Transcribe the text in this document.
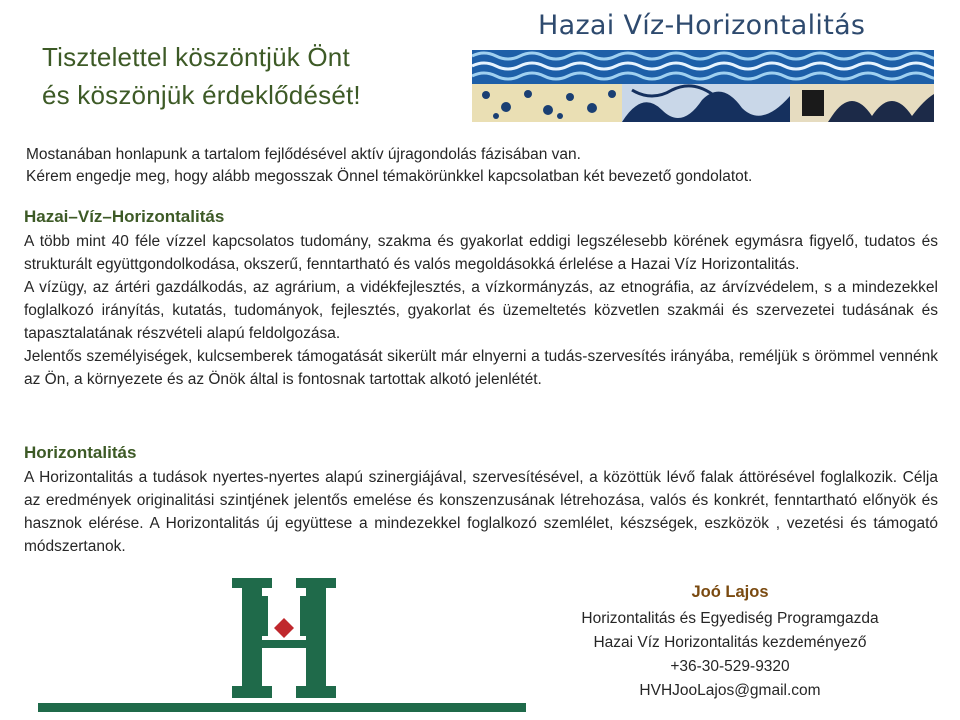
Tisztelettel köszöntjük Önt
és köszönjük érdeklődését!
Hazai Víz-Horizontalitás
Mostanában honlapunk a tartalom fejlődésével aktív újragondolás fázisában van.
Kérem engedje meg, hogy alább megosszak Önnel témakörünkkel kapcsolatban két bevezető gondolatot.
Hazai–Víz–Horizontalitás

A több mint 40 féle vízzel kapcsolatos tudomány, szakma és gyakorlat eddigi legszélesebb körének egymásra figyelő, tudatos és strukturált együttgondolkodása, okszerű, fenntartható és valós megoldásokká érlelése a Hazai Víz Horizontalitás.

A vízügy, az ártéri gazdálkodás, az agrárium, a vidékfejlesztés, a vízkormányzás, az etnográfia, az árvízvédelem, s a mindezekkel foglalkozó irányítás, kutatás, tudományok, fejlesztés, gyakorlat és üzemeltetés közvetlen szakmái és szervezetei tudásának és tapasztalatának részvételi alapú feldolgozása.

Jelentős személyiségek, kulcsemberek támogatását sikerült már elnyerni a tudás-szervesítés irányába, reméljük s örömmel vennénk az Ön, a környezete és az Önök által is fontosnak tartottak alkotó jelenlétét.

Horizontalitás

A Horizontalitás a tudások nyertes-nyertes alapú szinergiájával, szervesítésével, a közöttük lévő falak áttörésével foglalkozik. Célja az eredmények originalitási szintjének jelentős emelése és konszenzusának létrehozása, valós és konkrét, fenntartható előnyök és hasznok elérése. A Horizontalitás új együttese a mindezekkel foglalkozó szemlélet, készségek, eszközök , vezetési és támogató módszertanok.

Joó Lajos
Horizontalitás és Egyediség Programgazda
Hazai Víz Horizontalitás kezdeményező
+36-30-529-9320
HVHJooLajos@gmail.com
